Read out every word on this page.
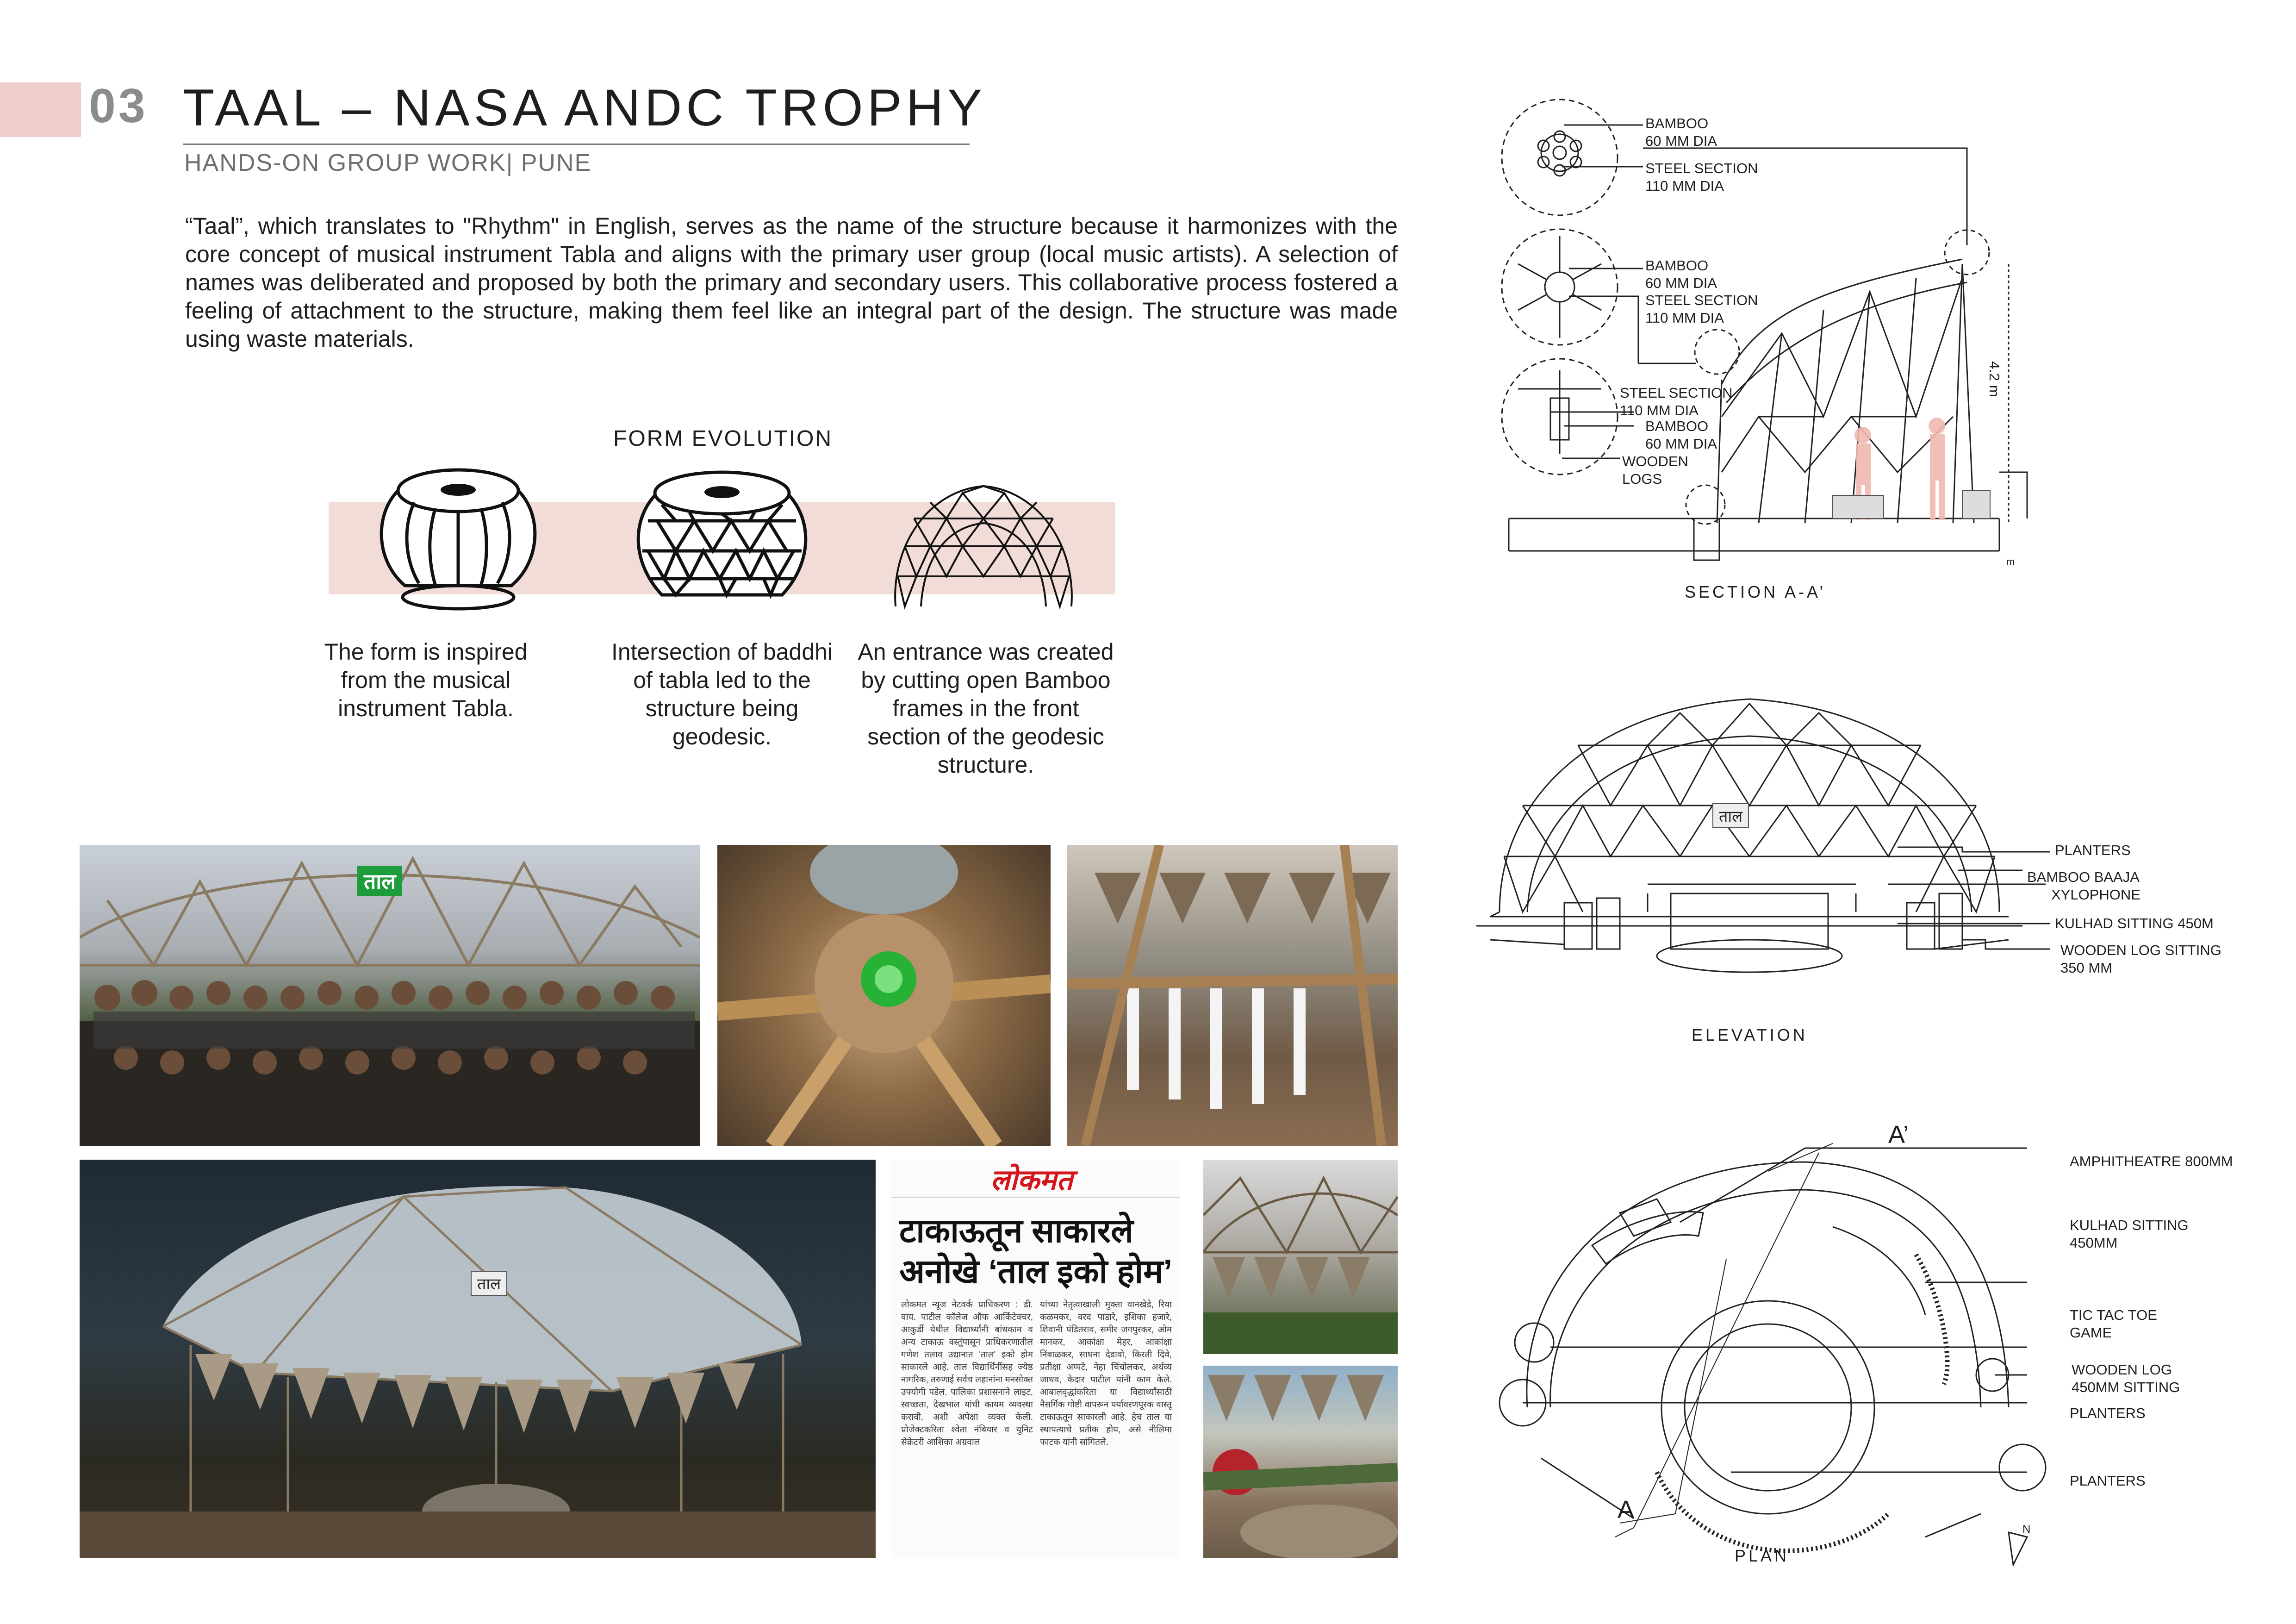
03 TAAL – NASA ANDC TROPHY
HANDS-ON GROUP WORK| PUNE
“Taal”, which translates to "Rhythm" in English, serves as the name of the structure because it harmonizes with the core concept of musical instrument Tabla and aligns with the primary user group (local music artists). A selection of names was deliberated and proposed by both the primary and secondary users. This collaborative process fostered a feeling of attachment to the structure, making them feel like an integral part of the design. The structure was made using waste materials.
FORM EVOLUTION
The form is inspired from the musical instrument Tabla.
Intersection of baddhi of tabla led to the structure being geodesic.
An entrance was created by cutting open Bamboo frames in the front section of the geodesic structure.
BAMBOO
60 MM DIA
STEEL SECTION
110 MM DIA
BAMBOO
60 MM DIA
STEEL SECTION
110 MM DIA
STEEL SECTION
110 MM DIA
BAMBOO
60 MM DIA
WOODEN
LOGS
4.2 m
m
SECTION A-A’
ताल
PLANTERS
BAMBOO BAAJA
XYLOPHONE
KULHAD SITTING 450M
WOODEN LOG SITTING 350 MM
ELEVATION
AMPHITHEATRE 800MM
KULHAD SITTING 450MM
TIC TAC TOE GAME
WOODEN LOG 450MM SITTING
PLANTERS
PLANTERS
A’
A
N
PLAN
ताल
ताल
लोकमत
टाकाऊतून साकारले
अनोखे ‘ताल इको होम’
लोकमत न्यूज नेटवर्क प्राधिकरण : डी. वाय. पाटील कॉलेज ऑफ आर्किटेक्चर, आकुर्डी येथील विद्यार्थ्यांनी बांधकाम व अन्य टाकाऊ वस्तूंपासून प्राधिकरणातील गणेश तलाव उद्यानात 'ताल' इको होम साकारले आहे. ताल विद्यार्थिनींसह ज्येष्ठ नागरिक, तरुणाई सर्वच लहानांना मनसोक्त उपयोगी पडेल. पालिका प्रशासनाने लाइट, स्वच्छता, देखभाल यांची कायम व्यवस्था करावी, अशी अपेक्षा व्यक्त केली. प्रोजेक्टकरिता श्वेता नंबियार व युनिट सेक्रेटरी आशिका अग्रवाल
यांच्या नेतृत्वाखाली मुक्ता वानखेडे, रिया कळमकर, वरद पाडारे, इशिका हजारे, शिवानी पंडितराव, समीर जगपुरकर, ओम मानकर, आकांक्षा मेहर, आकांक्षा निंबाळकर, साधना देडावो, किरती दिवे, प्रतीक्षा अप्पटे, नेहा चिंचोलकर, अर्थव्य जाधव, केदार पाटील यांनी काम केले. आबालवृद्धांकरिता या विद्यार्थ्यांसाठी नैसर्गिक गोष्टी वापरून पर्यावरणपूरक वास्तू टाकाऊतून साकारली आहे. हेच ताल या स्थापत्याचे प्रतीक होय, असे नीलिमा फाटक यांनी सांगितले.
